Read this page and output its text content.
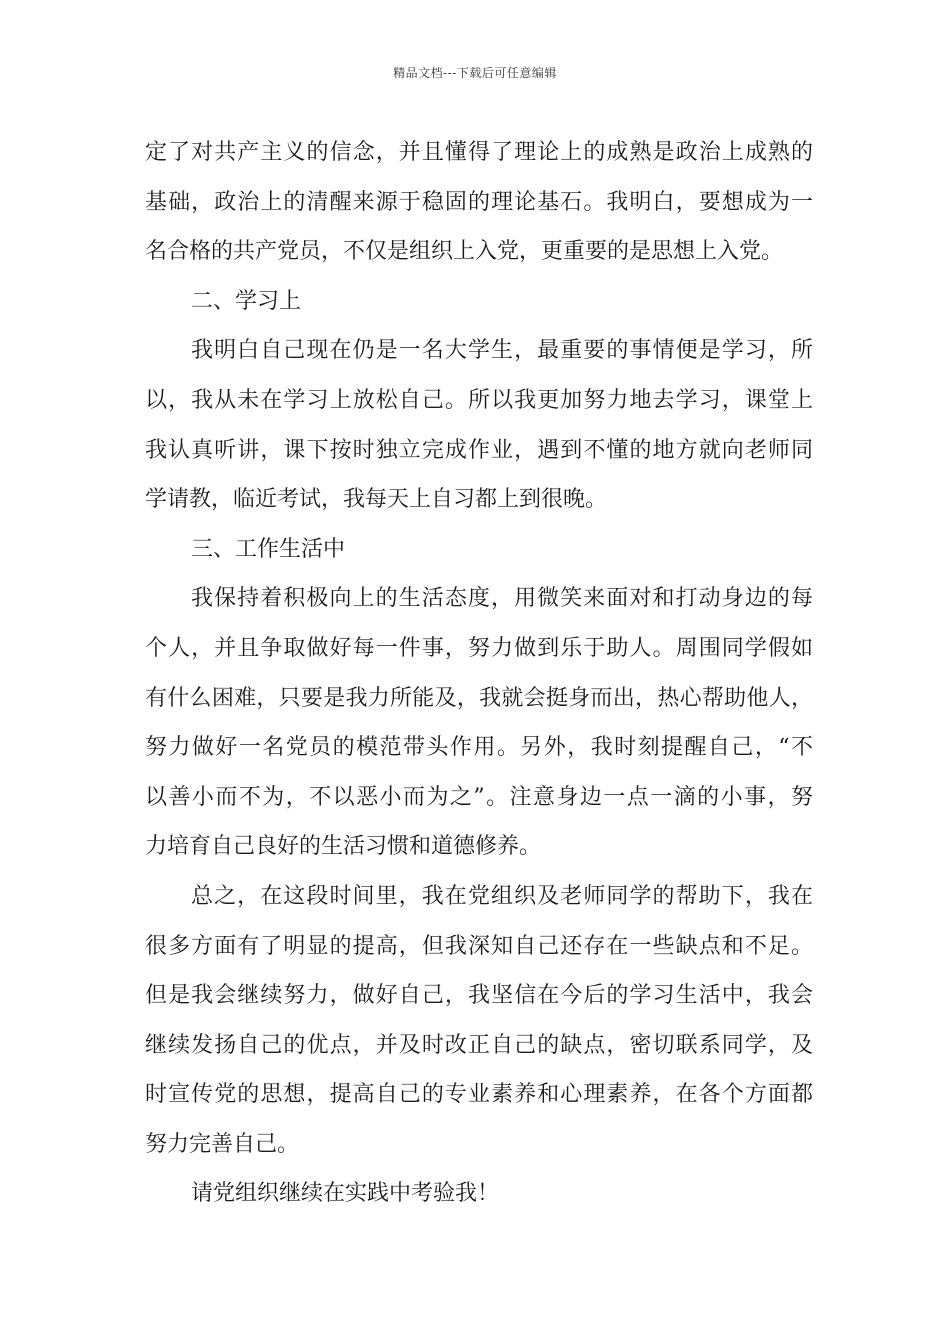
精品文档---下载后可任意编辑
定了对共产主义的信念，并且懂得了理论上的成熟是政治上成熟的
基础，政治上的清醒来源于稳固的理论基石。我明白，要想成为一
名合格的共产党员，不仅是组织上入党，更重要的是思想上入党。
二、学习上
我明白自己现在仍是一名大学生，最重要的事情便是学习，所
以，我从未在学习上放松自己。所以我更加努力地去学习，课堂上
我认真听讲，课下按时独立完成作业，遇到不懂的地方就向老师同
学请教，临近考试，我每天上自习都上到很晚。
三、工作生活中
我保持着积极向上的生活态度，用微笑来面对和打动身边的每
个人，并且争取做好每一件事，努力做到乐于助人。周围同学假如
有什么困难，只要是我力所能及，我就会挺身而出，热心帮助他人，
努力做好一名党员的模范带头作用。另外，我时刻提醒自己，“不
以善小而不为，不以恶小而为之”。注意身边一点一滴的小事，努
力培育自己良好的生活习惯和道德修养。
总之，在这段时间里，我在党组织及老师同学的帮助下，我在
很多方面有了明显的提高，但我深知自己还存在一些缺点和不足。
但是我会继续努力，做好自己，我坚信在今后的学习生活中，我会
继续发扬自己的优点，并及时改正自己的缺点，密切联系同学，及
时宣传党的思想，提高自己的专业素养和心理素养，在各个方面都
努力完善自己。
请党组织继续在实践中考验我！
